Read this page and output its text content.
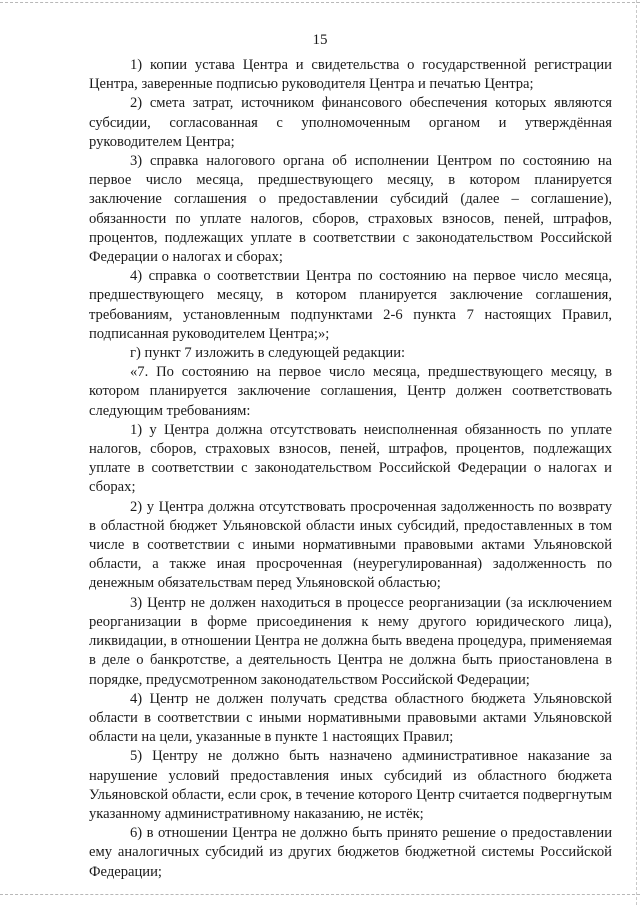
15

1) копии устава Центра и свидетельства о государственной регистрации Центра, заверенные подписью руководителя Центра и печатью Центра;

2) смета затрат, источником финансового обеспечения которых являются субсидии, согласованная с уполномоченным органом и утверждённая руководителем Центра;

3) справка налогового органа об исполнении Центром по состоянию на первое число месяца, предшествующего месяцу, в котором планируется заключение соглашения о предоставлении субсидий (далее – соглашение), обязанности по уплате налогов, сборов, страховых взносов, пеней, штрафов, процентов, подлежащих уплате в соответствии с законодательством Российской Федерации о налогах и сборах;

4) справка о соответствии Центра по состоянию на первое число месяца, предшествующего месяцу, в котором планируется заключение соглашения, требованиям, установленным подпунктами 2-6 пункта 7 настоящих Правил, подписанная руководителем Центра;»;

г) пункт 7 изложить в следующей редакции:

«7. По состоянию на первое число месяца, предшествующего месяцу, в котором планируется заключение соглашения, Центр должен соответствовать следующим требованиям:

1) у Центра должна отсутствовать неисполненная обязанность по уплате налогов, сборов, страховых взносов, пеней, штрафов, процентов, подлежащих уплате в соответствии с законодательством Российской Федерации о налогах и сборах;

2) у Центра должна отсутствовать просроченная задолженность по возврату в областной бюджет Ульяновской области иных субсидий, предоставленных в том числе в соответствии с иными нормативными правовыми актами Ульяновской области, а также иная просроченная (неурегулированная) задолженность по денежным обязательствам перед Ульяновской областью;

3) Центр не должен находиться в процессе реорганизации (за исключением реорганизации в форме присоединения к нему другого юридического лица), ликвидации, в отношении Центра не должна быть введена процедура, применяемая в деле о банкротстве, а деятельность Центра не должна быть приостановлена в порядке, предусмотренном законодательством Российской Федерации;

4) Центр не должен получать средства областного бюджета Ульяновской области в соответствии с иными нормативными правовыми актами Ульяновской области на цели, указанные в пункте 1 настоящих Правил;

5) Центру не должно быть назначено административное наказание за нарушение условий предоставления иных субсидий из областного бюджета Ульяновской области, если срок, в течение которого Центр считается подвергнутым указанному административному наказанию, не истёк;

6) в отношении Центра не должно быть принято решение о предоставлении ему аналогичных субсидий из других бюджетов бюджетной системы Российской Федерации;
